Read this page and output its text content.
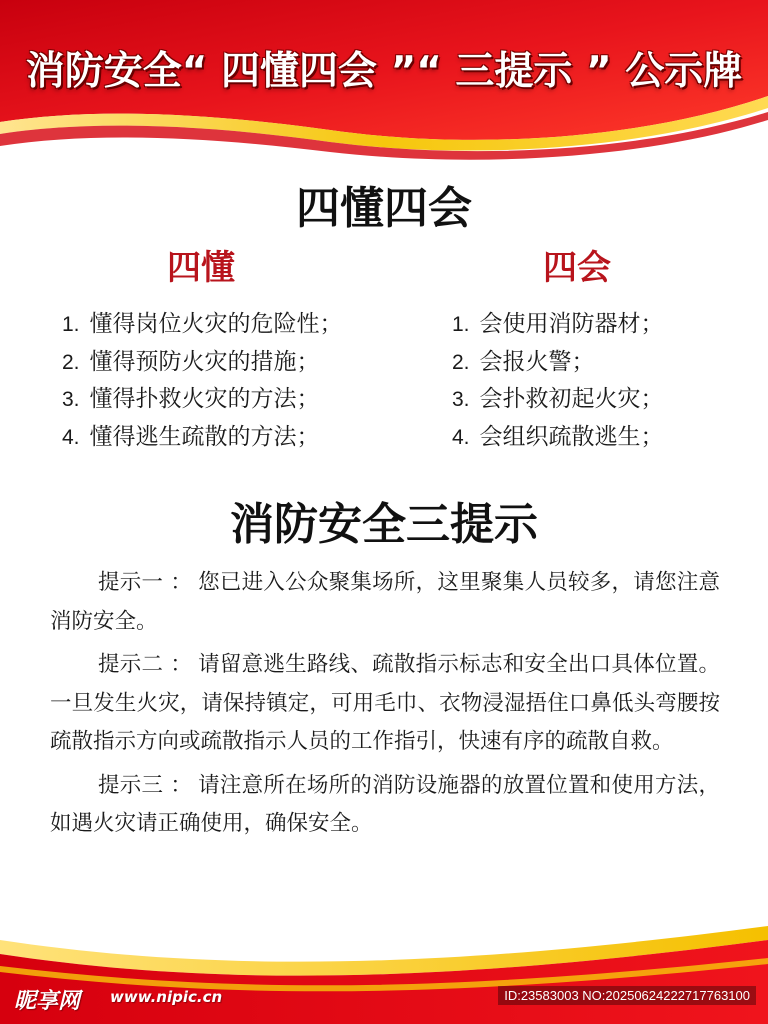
消防安全“ 四懂四会 ”“ 三提示 ” 公示牌
四懂四会
四懂	四会
1. 懂得岗位火灾的危险性；
2. 懂得预防火灾的措施；
3. 懂得扑救火灾的方法；
4. 懂得逃生疏散的方法；
1. 会使用消防器材；
2. 会报火警；
3. 会扑救初起火灾；
4. 会组织疏散逃生；
消防安全三提示

提示一 ： 您已进入公众聚集场所，这里聚集人员较多，请您注意消防安全。

提示二 ： 请留意逃生路线、疏散指示标志和安全出口具体位置。一旦发生火灾，请保持镇定，可用毛巾、衣物浸湿捂住口鼻低头弯腰按疏散指示方向或疏散指示人员的工作指引，快速有序的疏散自救。

提示三 ： 请注意所在场所的消防设施器的放置位置和使用方法，如遇火灾请正确使用，确保安全。

昵享网 www.nipic.cn	ID:23583003 NO:20250624222717763100
